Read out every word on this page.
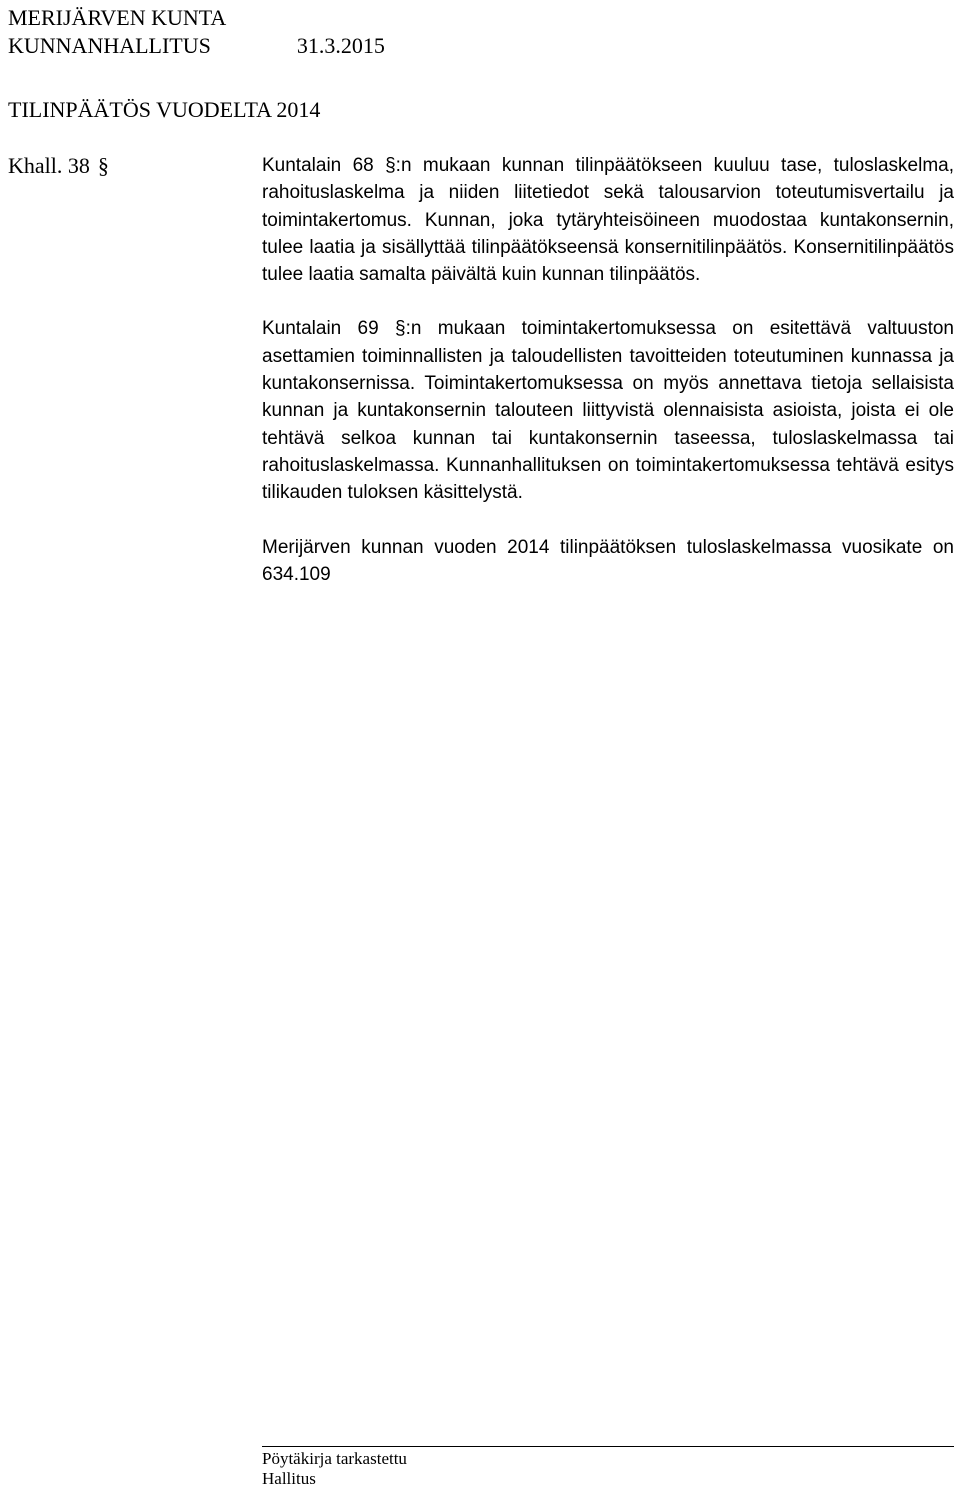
MERIJÄRVEN KUNTA
KUNNANHALLITUS	31.3.2015
TILINPÄÄTÖS VUODELTA 2014
Khall. 38 §	Kuntalain 68 §:n mukaan kunnan tilinpäätökseen kuuluu tase, tuloslaskelma, rahoituslaskelma ja niiden liitetiedot sekä talousarvion toteutumisvertailu ja toimintakertomus. Kunnan, joka tytäryhteisöineen muodostaa kuntakonsernin, tulee laatia ja sisällyttää tilinpäätökseensä konsernitilinpäätös. Konsernitilinpäätös tulee laatia samalta päivältä kuin kunnan tilinpäätös.

Kuntalain 69 §:n mukaan toimintakertomuksessa on esitettävä valtuuston asettamien toiminnallisten ja taloudellisten tavoitteiden toteutuminen kunnassa ja kuntakonsernissa. Toimintakertomuksessa on myös annettava tietoja sellaisista kunnan ja kuntakonsernin talouteen liittyvistä olennaisista asioista, joista ei ole tehtävä selkoa kunnan tai kuntakonsernin taseessa, tuloslaskelmassa tai rahoituslaskelmassa. Kunnanhallituksen on toimintakertomuksessa tehtävä esitys tilikauden tuloksen käsittelystä.

Merijärven kunnan vuoden 2014 tilinpäätöksen tuloslaskelmassa vuosikate on 634.109

Pöytäkirja tarkastettu
Hallitus
